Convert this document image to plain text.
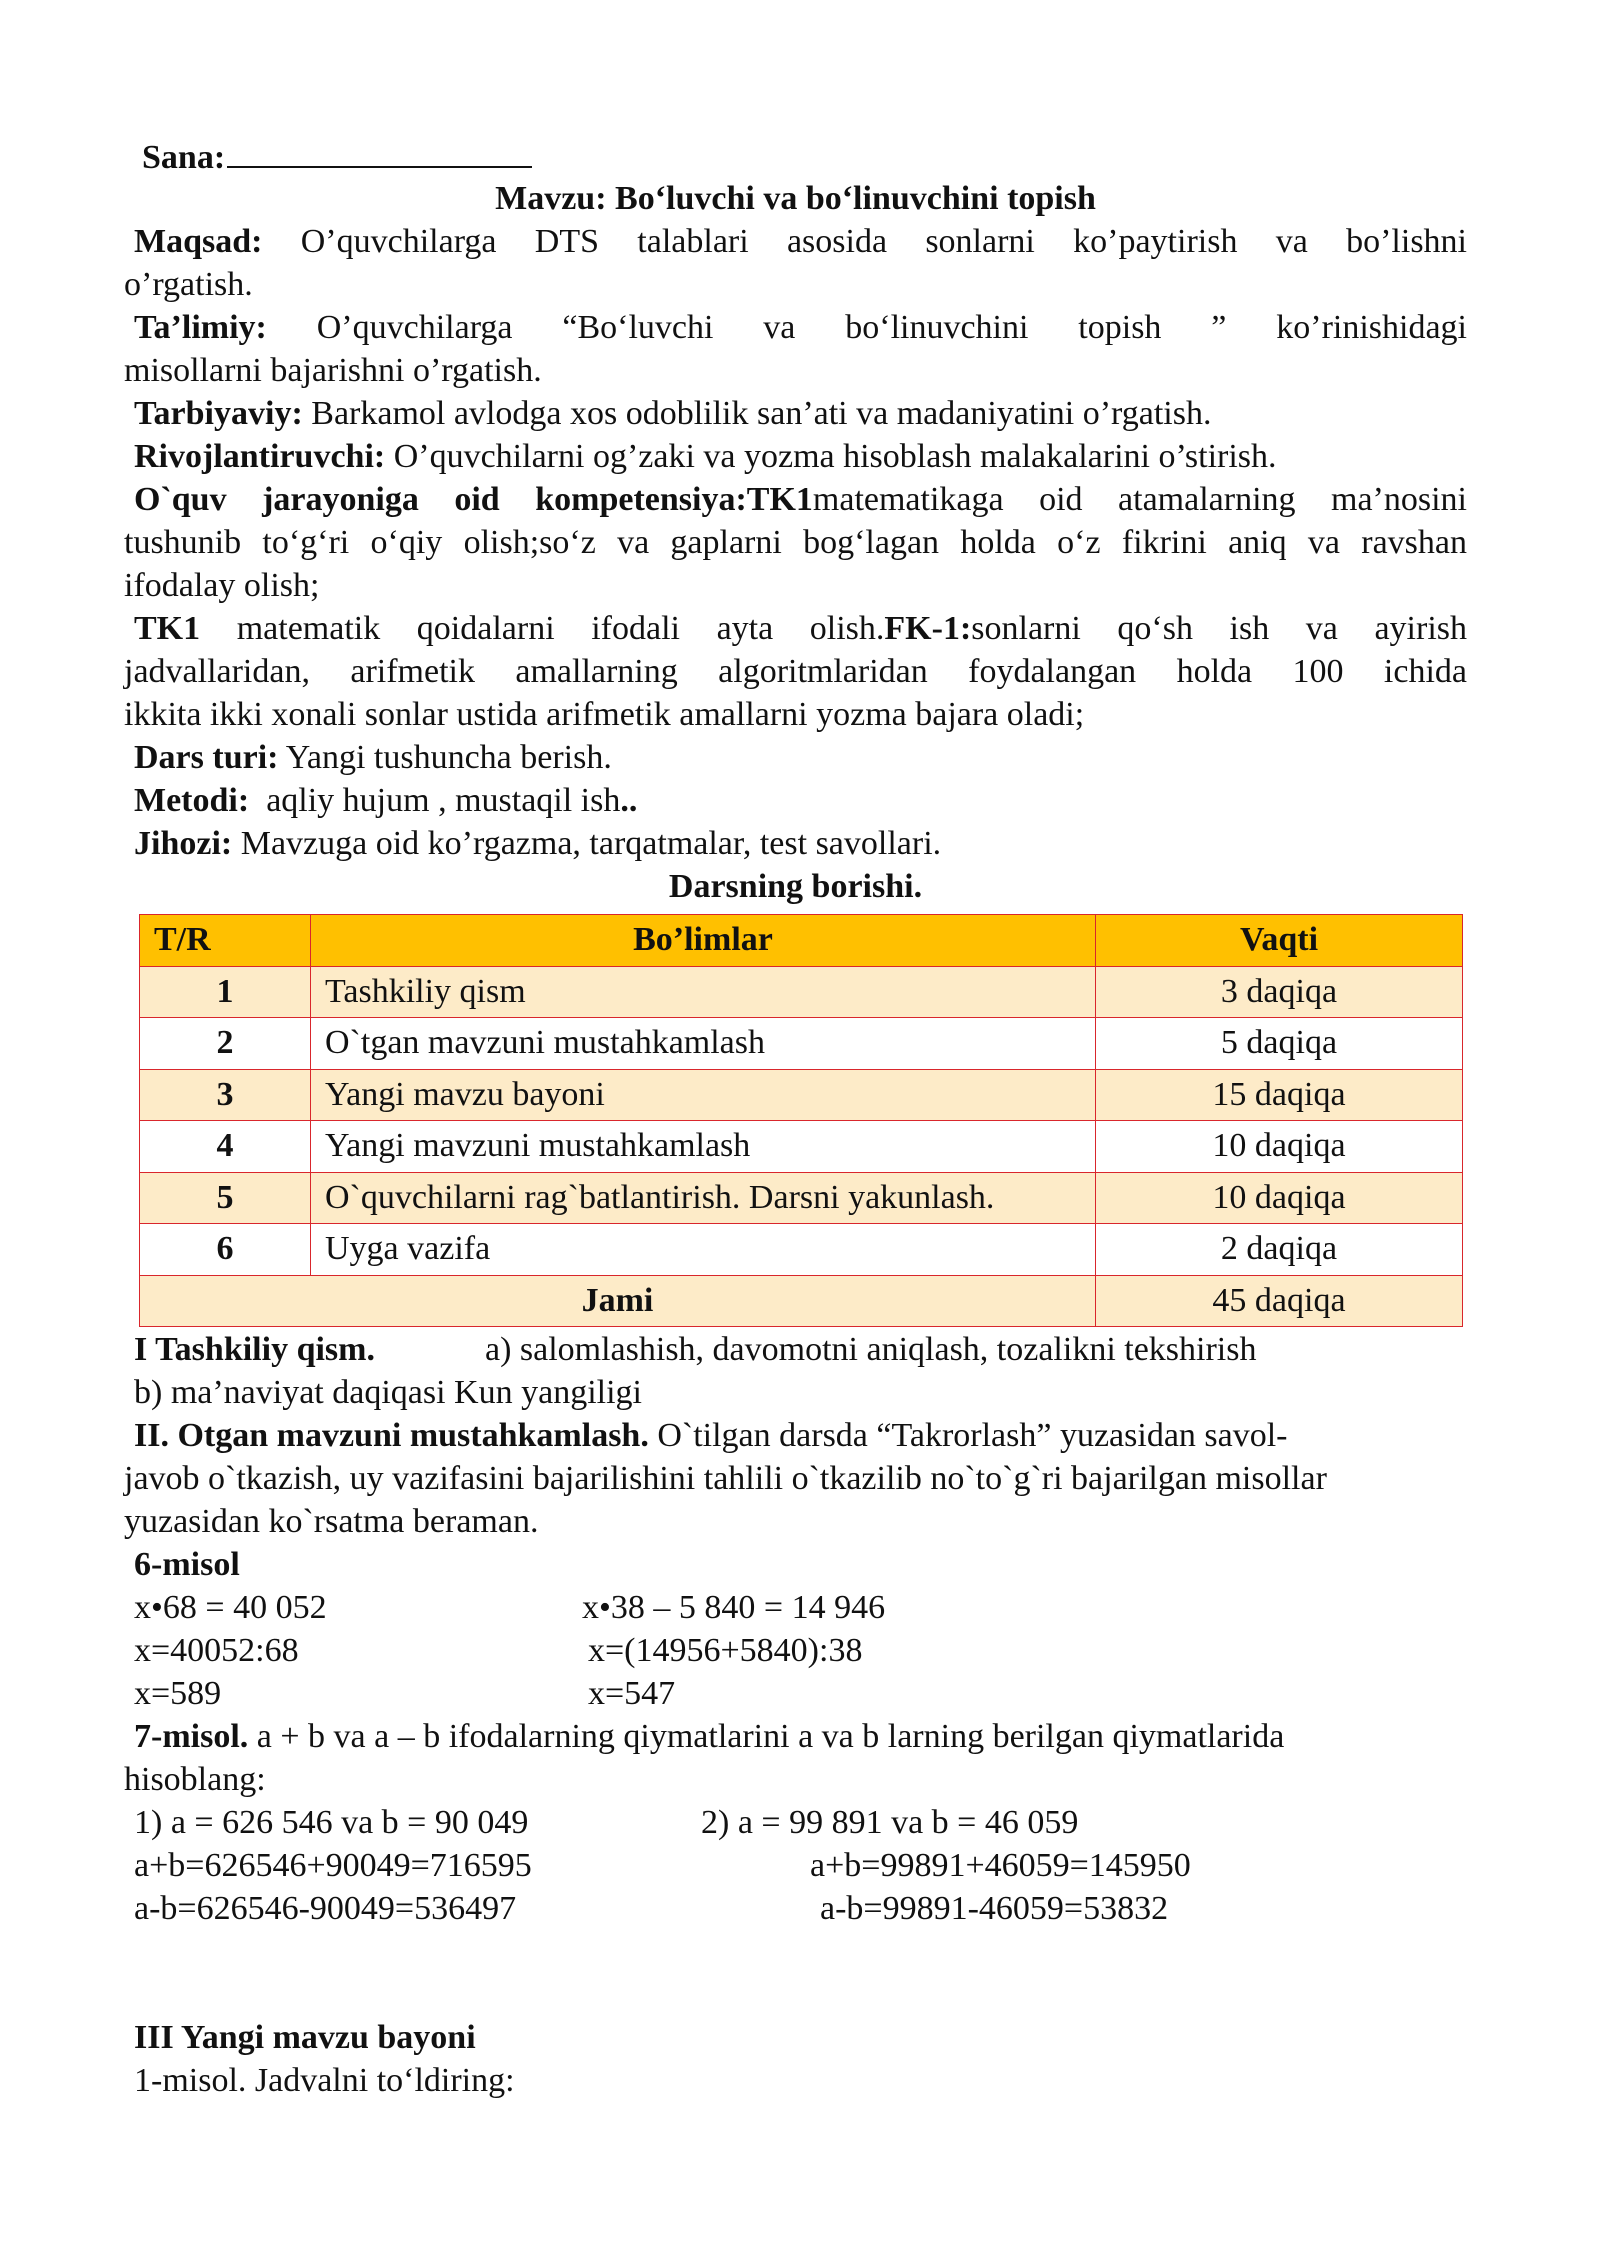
Sana:
Mavzu: Bo‘luvchi va bo‘linuvchini topish
Maqsad: O’quvchilarga DTS talablari asosida sonlarni ko’paytirish va bo’lishni
o’rgatish.
Ta’limiy: O’quvchilarga “Bo‘luvchi va bo‘linuvchini topish ” ko’rinishidagi
misollarni bajarishni o’rgatish.
Tarbiyaviy: Barkamol avlodga xos odoblilik san’ati va madaniyatini o’rgatish.
Rivojlantiruvchi: O’quvchilarni og’zaki va yozma hisoblash malakalarini o’stirish.
O`quv jarayoniga oid kompetensiya:TK1matematikaga oid atamalarning ma’nosini
tushunib to‘g‘ri o‘qiy olish;so‘z va gaplarni bog‘lagan holda o‘z fikrini aniq va ravshan
ifodalay olish;
TK1 matematik qoidalarni ifodali ayta olish.FK-1:sonlarni qo‘sh ish va ayirish
jadvallaridan, arifmetik amallarning algoritmlaridan foydalangan holda 100 ichida
ikkita ikki xonali sonlar ustida arifmetik amallarni yozma bajara oladi;
Dars turi: Yangi tushuncha berish.
Metodi: aqliy hujum , mustaqil ish..
Jihozi: Mavzuga oid ko’rgazma, tarqatmalar, test savollari.
Darsning borishi.
T/R	Bo’limlar	Vaqti
1	Tashkiliy qism	3 daqiqa
2	O`tgan mavzuni mustahkamlash	5 daqiqa
3	Yangi mavzu bayoni	15 daqiqa
4	Yangi mavzuni mustahkamlash	10 daqiqa
5	O`quvchilarni rag`batlantirish. Darsni yakunlash.	10 daqiqa
6	Uyga vazifa	2 daqiqa
Jami		45 daqiqa
I Tashkiliy qism.	a) salomlashish, davomotni aniqlash, tozalikni tekshirish
b) ma’naviyat daqiqasi Kun yangiligi
II. Otgan mavzuni mustahkamlash. O`tilgan darsda “Takrorlash” yuzasidan savol-
javob o`tkazish, uy vazifasini bajarilishini tahlili o`tkazilib no`to`g`ri bajarilgan misollar
yuzasidan ko`rsatma beraman.
6-misol
x•68 = 40 052
x=40052:68
x=589
x•38 – 5 840 = 14 946
x=(14956+5840):38
x=547
7-misol. a + b va a – b ifodalarning qiymatlarini a va b larning berilgan qiymatlarida
hisoblang:
1) a = 626 546 va b = 90 049
a+b=626546+90049=716595
a-b=626546-90049=536497
2) a = 99 891 va b = 46 059
a+b=99891+46059=145950
a-b=99891-46059=53832
III Yangi mavzu bayoni
1-misol. Jadvalni to‘ldiring:
